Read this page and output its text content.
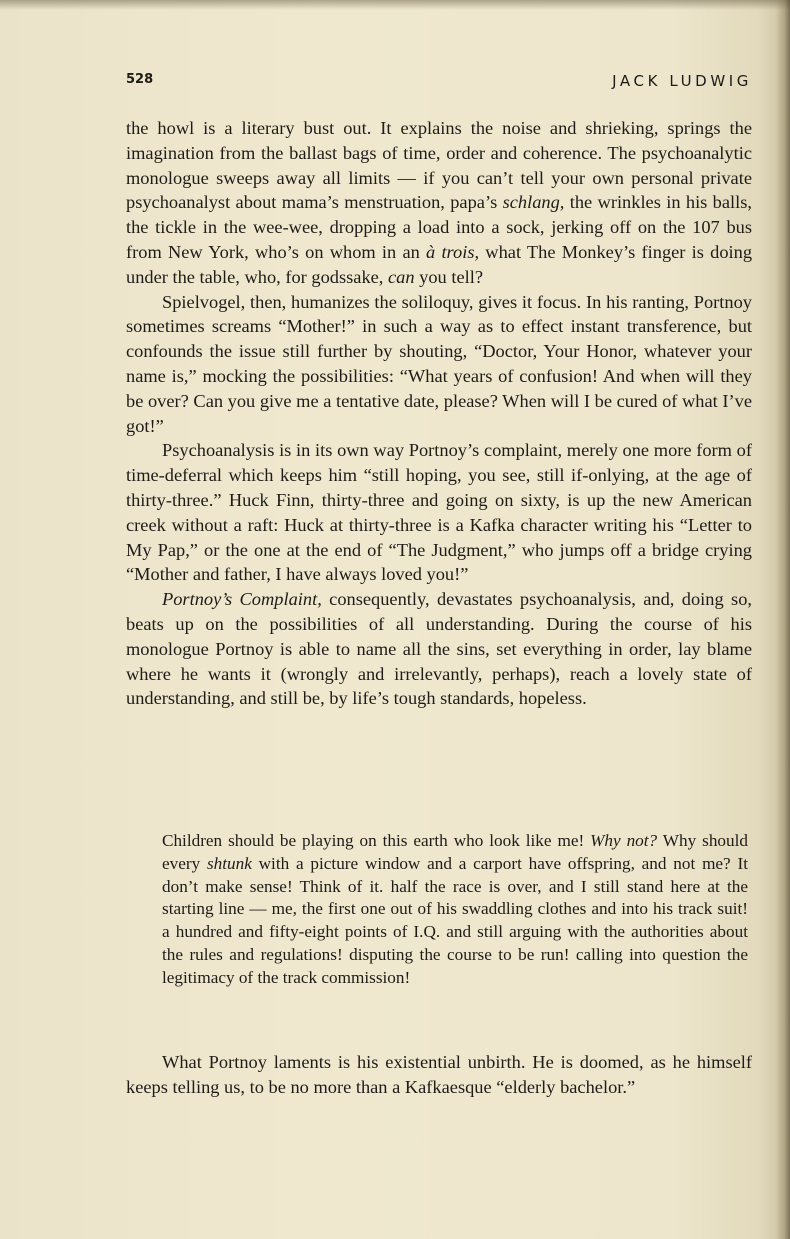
528	JACK LUDWIG

the howl is a literary bust out. It explains the noise and shrieking, springs the imagination from the ballast bags of time, order and coherence. The psychoanalytic monologue sweeps away all limits — if you can’t tell your own personal private psychoanalyst about mama’s menstruation, papa’s schlang, the wrinkles in his balls, the tickle in the wee-wee, dropping a load into a sock, jerking off on the 107 bus from New York, who’s on whom in an à trois, what The Monkey’s finger is doing under the table, who, for godssake, can you tell?

Spielvogel, then, humanizes the soliloquy, gives it focus. In his ranting, Portnoy sometimes screams “Mother!” in such a way as to effect instant transference, but confounds the issue still further by shouting, “Doctor, Your Honor, whatever your name is,” mocking the possibilities: “What years of confusion! And when will they be over? Can you give me a tentative date, please? When will I be cured of what I’ve got!”

Psychoanalysis is in its own way Portnoy’s complaint, merely one more form of time-deferral which keeps him “still hoping, you see, still if-onlying, at the age of thirty-three.” Huck Finn, thirty-three and going on sixty, is up the new American creek without a raft: Huck at thirty-three is a Kafka character writing his “Letter to My Pap,” or the one at the end of “The Judgment,” who jumps off a bridge crying “Mother and father, I have always loved you!”

Portnoy’s Complaint, consequently, devastates psychoanalysis, and, doing so, beats up on the possibilities of all understanding. During the course of his monologue Portnoy is able to name all the sins, set everything in order, lay blame where he wants it (wrongly and irrelevantly, perhaps), reach a lovely state of understanding, and still be, by life’s tough standards, hopeless.

Children should be playing on this earth who look like me! Why not? Why should every shtunk with a picture window and a carport have offspring, and not me? It don’t make sense! Think of it. half the race is over, and I still stand here at the starting line — me, the first one out of his swaddling clothes and into his track suit! a hundred and fifty-eight points of I.Q. and still arguing with the authorities about the rules and regulations! disputing the course to be run! calling into question the legitimacy of the track commission!

What Portnoy laments is his existential unbirth. He is doomed, as he himself keeps telling us, to be no more than a Kafkaesque “elderly bachelor.”
